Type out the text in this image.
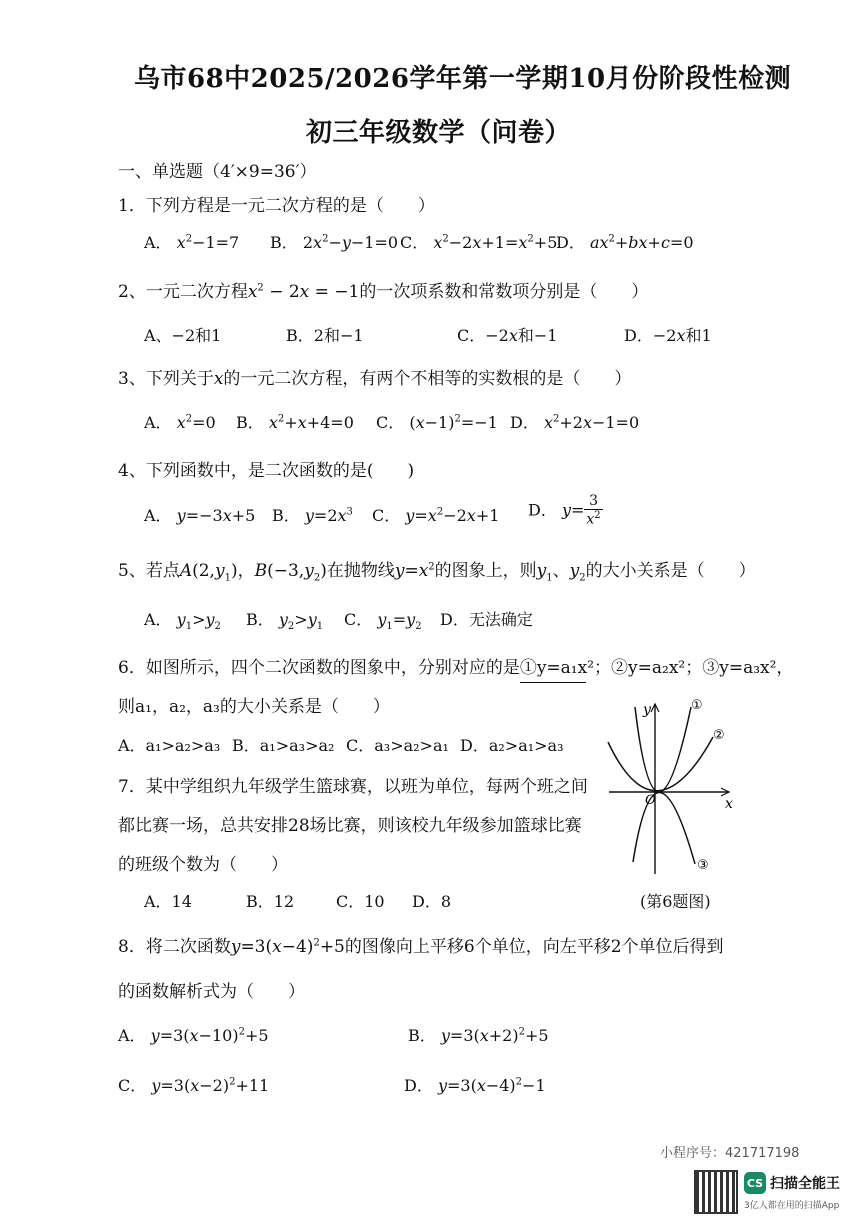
乌市68中2025/2026学年第一学期10月份阶段性检测
初三年级数学（问卷）
一、单选题（4′×9=36′）
1．下列方程是一元二次方程的是（　　）
A． $x^2-1=7$ B． $2x^2-y-1=0$ C． $x^2-2x+1=x^2+5$
D． $ax^2+bx+c=0$
2、一元二次方程$x^2 - 2x = -1$的一次项系数和常数项分别是（　　）
A、−2和1	B．2和−1	C．−2x和−1	D．−2x和1
3、下列关于x的一元二次方程，有两个不相等的实数根的是（　　）
A． $x^2=0$ B． $x^2+x+4=0$ C． $(x-1)^2=-1$ D． $x^2+2x-1=0$
4、下列函数中，是二次函数的是(　　)
A． y=−3x+5 B． $y=2x^3$ C． $y=x^2-2x+1$ D． $y= \frac{3}{x^2}$
5、若点$A(2,y_1)$，$B(-3,y_2)$在抛物线$y=x^2$的图象上，则$y_1$、$y_2$的大小关系是（　　）
A． $y_1>y_2$ B． $y_2>y_1$ C． $y_1=y_2$ D．无法确定
6．如图所示，四个二次函数的图象中，分别对应的是①y=a₁x²；②y=a₂x²；③y=a₃x²，
则a₁，a₂，a₃的大小关系是（　　）
A．a₁>a₂>a₃ B．a₁>a₃>a₂ C．a₃>a₂>a₁ D．a₂>a₁>a₃
y
x
O
①
②
③
7．某中学组织九年级学生篮球赛，以班为单位，每两个班之间
都比赛一场，总共安排28场比赛，则该校九年级参加篮球比赛
的班级个数为（　　）
A．14	B．12	C．10 D．8	(第6题图)
8．将二次函数$y=3(x-4)^2+5$的图像向上平移6个单位，向左平移2个单位后得到
的函数解析式为（　　）
A． $y=3(x-10)^2+5$	B． $y=3(x+2)^2+5$
C． $y=3(x-2)^2+11$	D． $y=3(x-4)^2-1$
小程序号：421717198
CS 扫描全能王
3亿人都在用的扫描App
